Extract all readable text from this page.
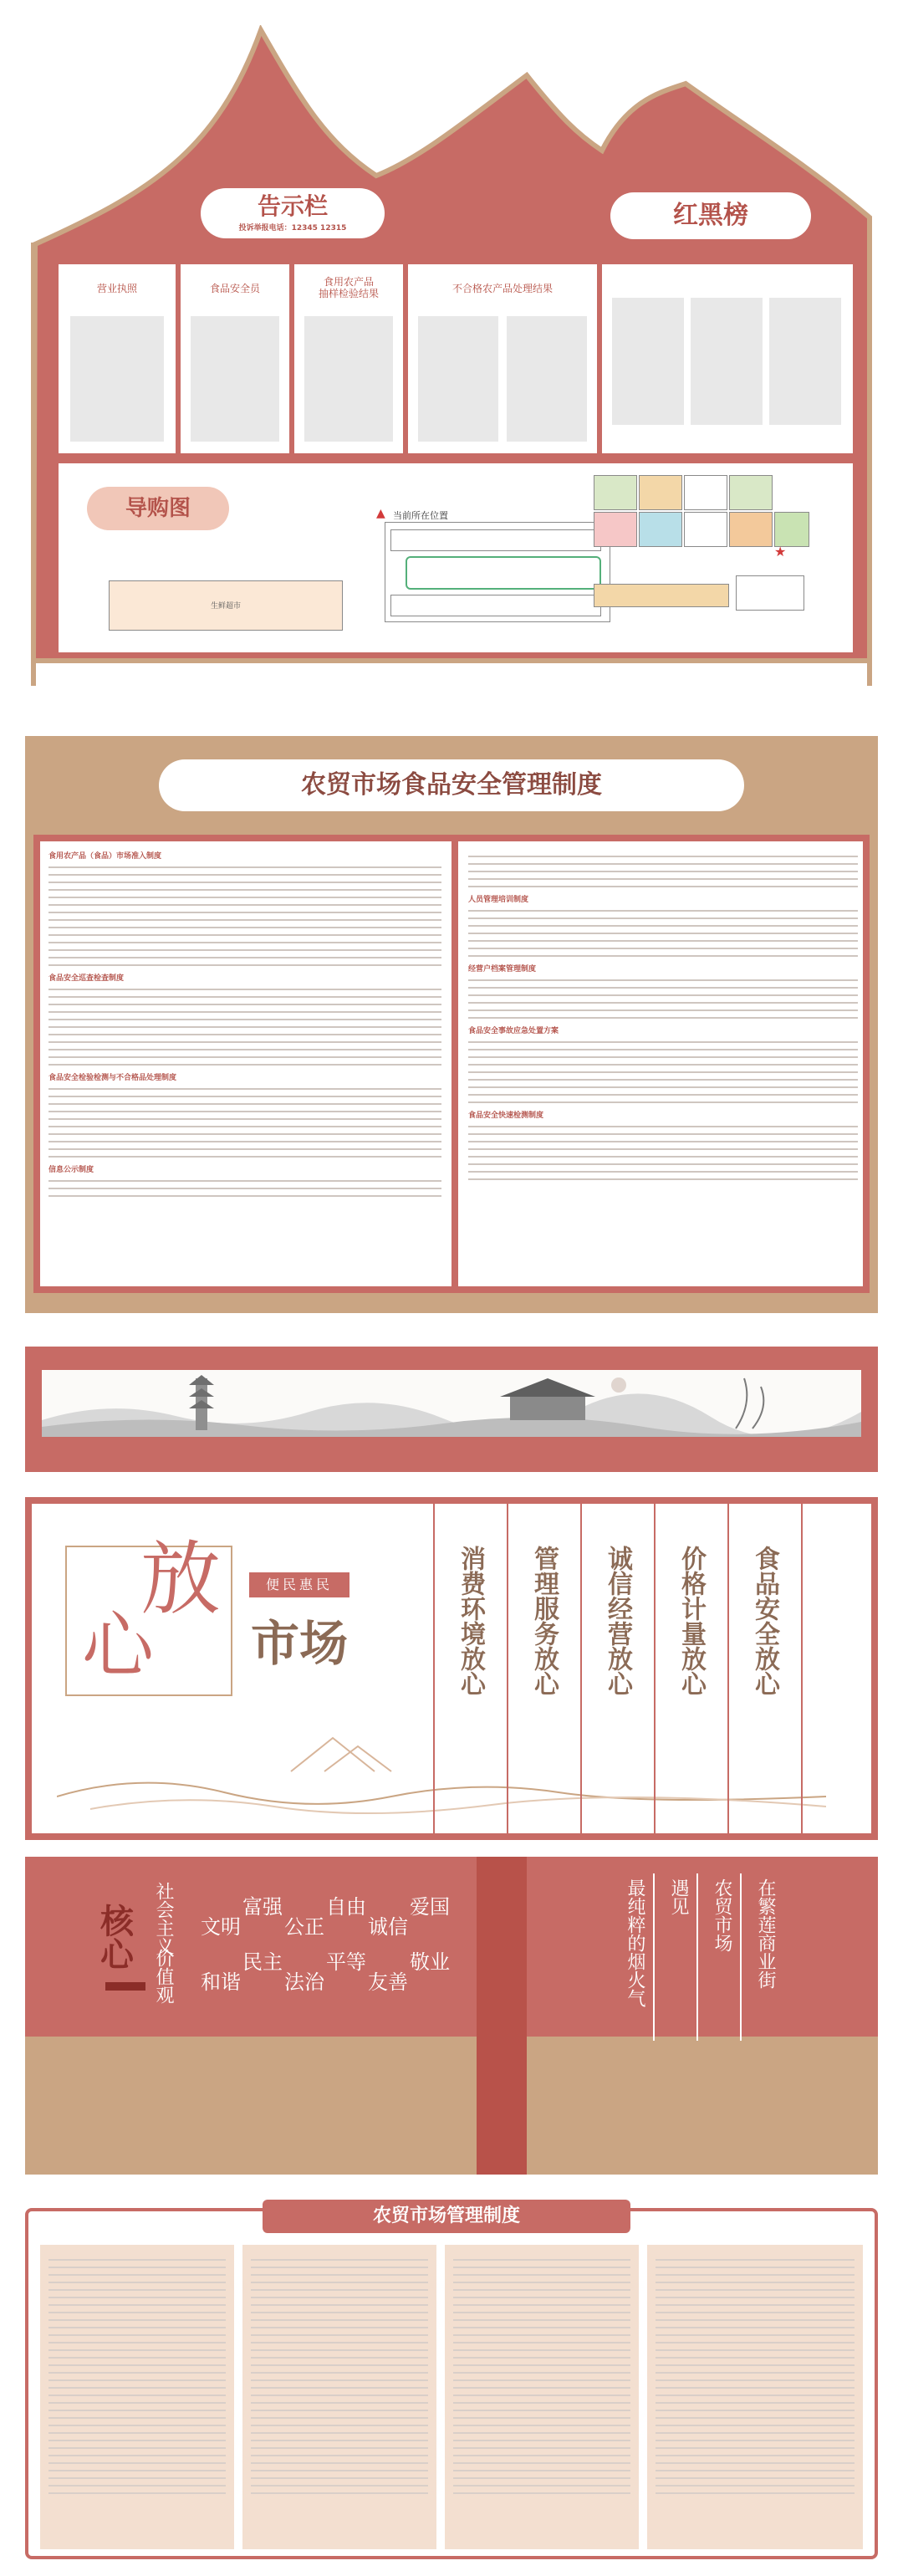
告示栏
投诉举报电话：12345 12315	红黑榜
营业执照	食品安全员
食用农产品
抽样检验结果	不合格农产品处理结果
导购图
生鲜超市
▲ 当前所在位置
★
农贸市场食品安全管理制度
食用农产品（食品）市场准入制度
食品安全巡查检查制度
食品安全检验检测与不合格品处理制度
信息公示制度
人员管理培训制度
经营户档案管理制度
食品安全事故应急处置方案
食品安全快速检测制度
放
心
便民惠民
市场	消费环境放心 管理服务放心 诚信经营放心 价格计量放心 食品安全放心
社会主义
核心	价值观
文明
富强
和谐
民主
公正
自由
法治
平等
诚信
爱国
友善
敬业	在繁莲商业街
农贸市场
遇见
最纯粹的烟火气
农贸市场管理制度
